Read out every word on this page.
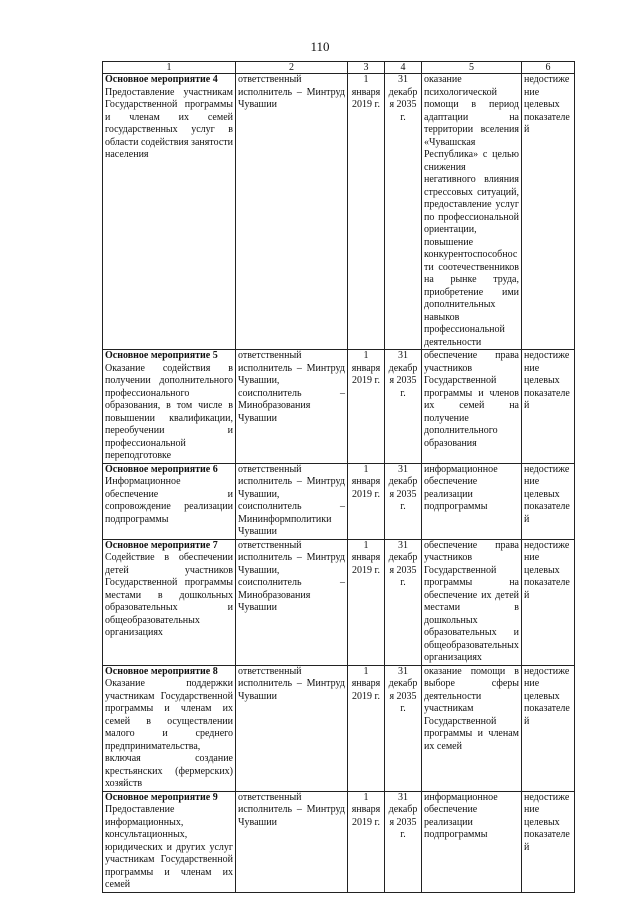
110
1	2	3	4	5	6

Основное мероприятие 4
Предоставление участникам Государственной программы и членам их семей государственных услуг в области содействия занятости населения	ответственный исполнитель – Минтруд Чувашии	1 января 2019 г.	31 декабря 2035 г.	оказание психологической помощи в период адаптации на территории вселения «Чувашская Республика» с целью снижения негативного влияния стрессовых ситуаций, предоставление услуг по профессиональной ориентации, повышение конкурентоспособности соотечественников на рынке труда, приобретение ими дополнительных навыков профессиональной деятельности	недостижение целевых показателей

Основное мероприятие 5
Оказание содействия в получении дополнительного профессионального образования, в том числе в повышении квалификации, переобучении и профессиональной переподготовке	ответственный исполнитель – Минтруд Чувашии, соисполнитель – Минобразования Чувашии	1 января 2019 г.	31 декабря 2035 г.	обеспечение права участников Государственной программы и членов их семей на получение дополнительного образования	недостижение целевых показателей

Основное мероприятие 6
Информационное обеспечение и сопровождение реализации подпрограммы	ответственный исполнитель – Минтруд Чувашии, соисполнитель – Мининформполитики Чувашии	1 января 2019 г.	31 декабря 2035 г.	информационное обеспечение реализации подпрограммы	недостижение целевых показателей

Основное мероприятие 7
Содействие в обеспечении детей участников Государственной программы местами в дошкольных образовательных и общеобразовательных организациях	ответственный исполнитель – Минтруд Чувашии, соисполнитель – Минобразования Чувашии	1 января 2019 г.	31 декабря 2035 г.	обеспечение права участников Государственной программы на обеспечение их детей местами в дошкольных образовательных и общеобразовательных организациях	недостижение целевых показателей

Основное мероприятие 8
Оказание поддержки участникам Государственной программы и членам их семей в осуществлении малого и среднего предпринимательства, включая создание крестьянских (фермерских) хозяйств	ответственный исполнитель – Минтруд Чувашии	1 января 2019 г.	31 декабря 2035 г.	оказание помощи в выборе сферы деятельности участникам Государственной программы и членам их семей	недостижение целевых показателей

Основное мероприятие 9
Предоставление информационных, консультационных, юридических и других услуг участникам Государственной программы и членам их семей	ответственный исполнитель – Минтруд Чувашии	1 января 2019 г.	31 декабря 2035 г.	информационное обеспечение реализации подпрограммы	недостижение целевых показателей
